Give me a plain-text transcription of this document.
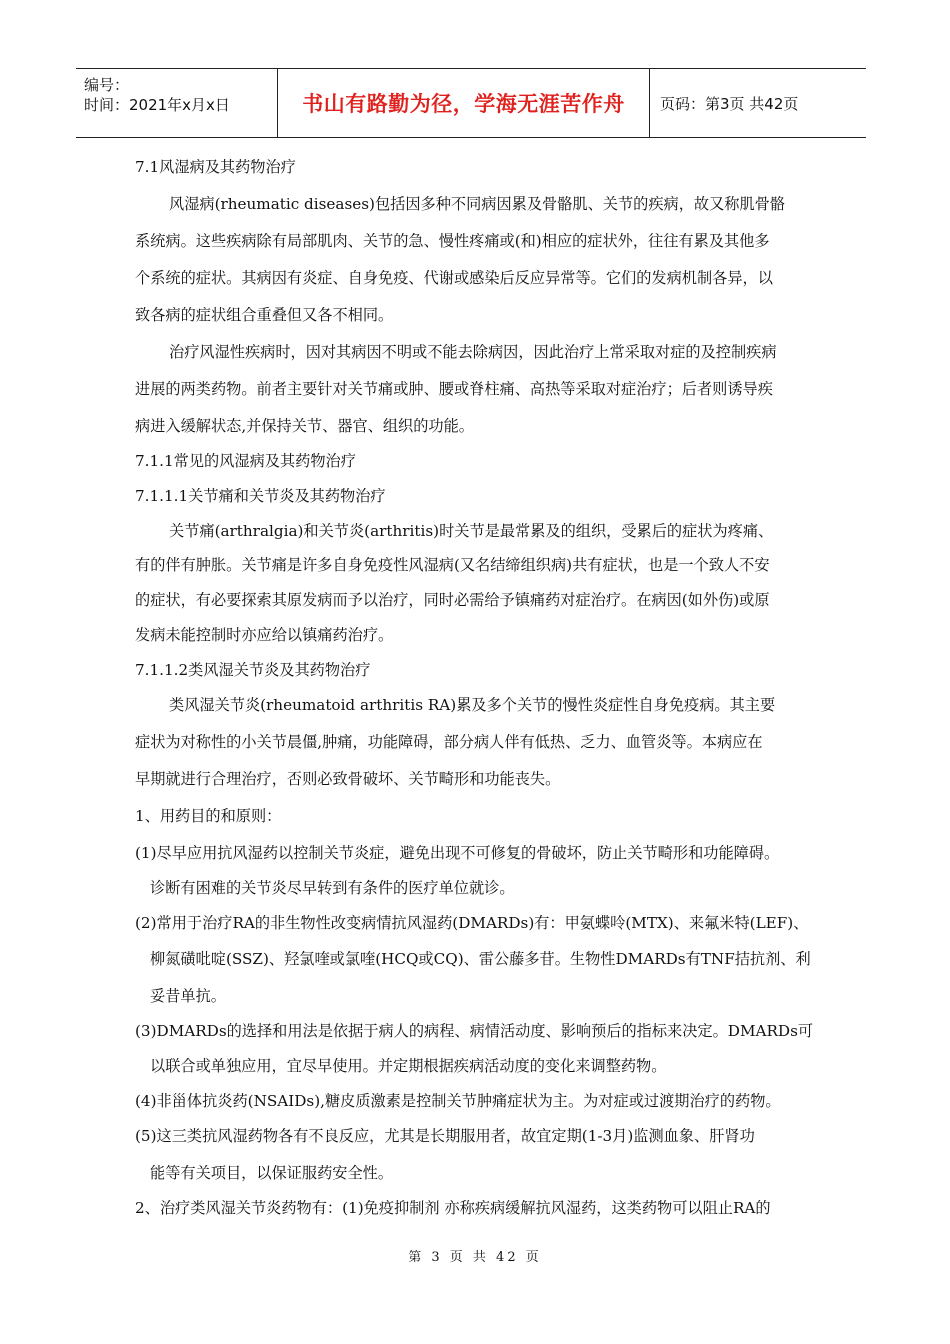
编号：
时间：2021年x月x日	书山有路勤为径，学海无涯苦作舟 页码：第3页 共42页
7.1风湿病及其药物治疗
风湿病(rheumatic diseases)包括因多种不同病因累及骨骼肌、关节的疾病，故又称肌骨骼
系统病。这些疾病除有局部肌肉、关节的急、慢性疼痛或(和)相应的症状外，往往有累及其他多
个系统的症状。其病因有炎症、自身免疫、代谢或感染后反应异常等。它们的发病机制各异，以
致各病的症状组合重叠但又各不相同。
治疗风湿性疾病时，因对其病因不明或不能去除病因，因此治疗上常采取对症的及控制疾病
进展的两类药物。前者主要针对关节痛或肿、腰或脊柱痛、高热等采取对症治疗；后者则诱导疾
病进入缓解状态,并保持关节、器官、组织的功能。
7.1.1常见的风湿病及其药物治疗
7.1.1.1关节痛和关节炎及其药物治疗
关节痛(arthralgia)和关节炎(arthritis)时关节是最常累及的组织，受累后的症状为疼痛、
有的伴有肿胀。关节痛是许多自身免疫性风湿病(又名结缔组织病)共有症状，也是一个致人不安
的症状，有必要探索其原发病而予以治疗，同时必需给予镇痛药对症治疗。在病因(如外伤)或原
发病未能控制时亦应给以镇痛药治疗。
7.1.1.2类风湿关节炎及其药物治疗
类风湿关节炎(rheumatoid arthritis RA)累及多个关节的慢性炎症性自身免疫病。其主要
症状为对称性的小关节晨僵,肿痛，功能障碍，部分病人伴有低热、乏力、血管炎等。本病应在
早期就进行合理治疗，否则必致骨破坏、关节畸形和功能丧失。
1、用药目的和原则：
(1)尽早应用抗风湿药以控制关节炎症，避免出现不可修复的骨破坏，防止关节畸形和功能障碍。
诊断有困难的关节炎尽早转到有条件的医疗单位就诊。
(2)常用于治疗RA的非生物性改变病情抗风湿药(DMARDs)有：甲氨蝶呤(MTX)、来氟米特(LEF)、
柳氮磺吡啶(SSZ)、羟氯喹或氯喹(HCQ或CQ)、雷公藤多苷。生物性DMARDs有TNF拮抗剂、利
妥昔单抗。
(3)DMARDs的选择和用法是依据于病人的病程、病情活动度、影响预后的指标来决定。DMARDs可
以联合或单独应用，宜尽早使用。并定期根据疾病活动度的变化来调整药物。
(4)非甾体抗炎药(NSAIDs),糖皮质激素是控制关节肿痛症状为主。为对症或过渡期治疗的药物。
(5)这三类抗风湿药物各有不良反应，尤其是长期服用者，故宜定期(1-3月)监测血象、肝肾功
能等有关项目，以保证服药安全性。
2、治疗类风湿关节炎药物有：(1)免疫抑制剂 亦称疾病缓解抗风湿药，这类药物可以阻止RA的
第 3 页 共 42 页
